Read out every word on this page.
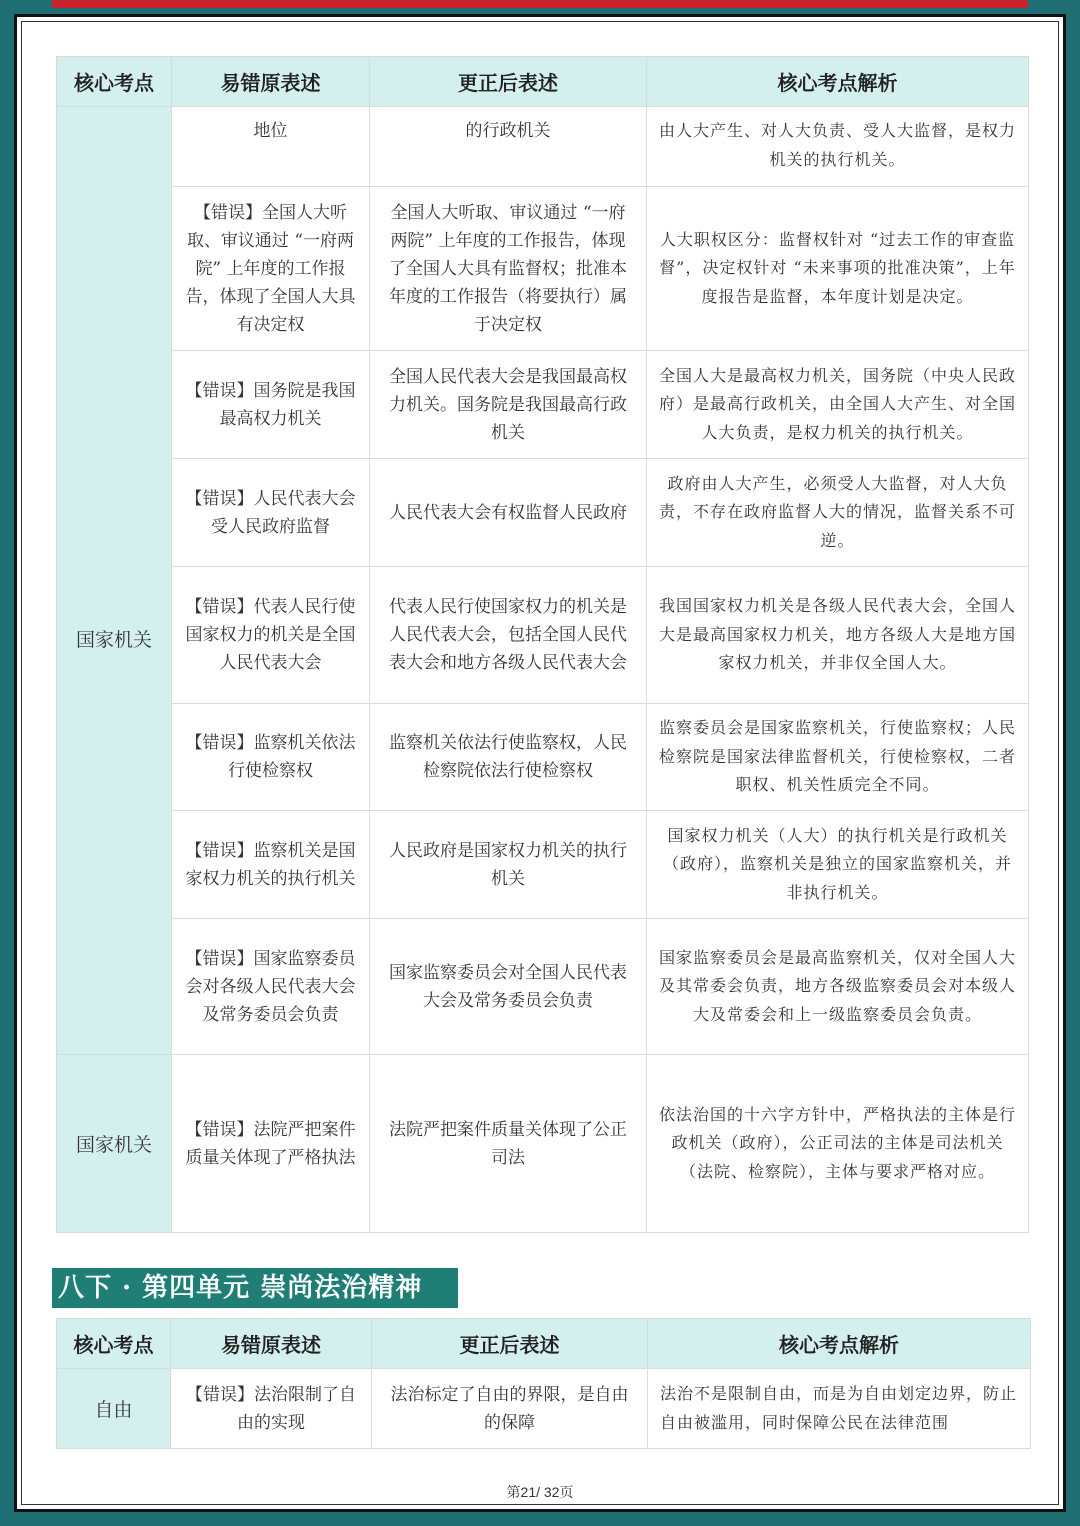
核心考点	易错原表述	更正后表述	核心考点解析
国家机关	地位	的行政机关	由人大产生、对人大负责、受人大监督，是权力机关的执行机关。
	【错误】全国人大听取、审议通过 “一府两院” 上年度的工作报告，体现了全国人大具有决定权	全国人大听取、审议通过 “一府两院” 上年度的工作报告，体现了全国人大具有监督权；批准本年度的工作报告（将要执行）属于决定权	人大职权区分：监督权针对 “过去工作的审查监督”，决定权针对 “未来事项的批准决策”，上年度报告是监督，本年度计划是决定。
	【错误】国务院是我国最高权力机关	全国人民代表大会是我国最高权力机关。国务院是我国最高行政机关	全国人大是最高权力机关，国务院（中央人民政府）是最高行政机关，由全国人大产生、对全国人大负责，是权力机关的执行机关。
	【错误】人民代表大会受人民政府监督	人民代表大会有权监督人民政府	政府由人大产生，必须受人大监督，对人大负责，不存在政府监督人大的情况，监督关系不可逆。
	【错误】代表人民行使国家权力的机关是全国人民代表大会	代表人民行使国家权力的机关是人民代表大会，包括全国人民代表大会和地方各级人民代表大会	我国国家权力机关是各级人民代表大会，全国人大是最高国家权力机关，地方各级人大是地方国家权力机关，并非仅全国人大。
	【错误】监察机关依法行使检察权	监察机关依法行使监察权，人民检察院依法行使检察权	监察委员会是国家监察机关，行使监察权；人民检察院是国家法律监督机关，行使检察权，二者职权、机关性质完全不同。
	【错误】监察机关是国家权力机关的执行机关	人民政府是国家权力机关的执行机关	国家权力机关（人大）的执行机关是行政机关（政府），监察机关是独立的国家监察机关，并非执行机关。
	【错误】国家监察委员会对各级人民代表大会及常务委员会负责	国家监察委员会对全国人民代表大会及常务委员会负责	国家监察委员会是最高监察机关，仅对全国人大及其常委会负责，地方各级监察委员会对本级人大及常委会和上一级监察委员会负责。
国家机关	【错误】法院严把案件质量关体现了严格执法	法院严把案件质量关体现了公正司法	依法治国的十六字方针中，严格执法的主体是行政机关（政府），公正司法的主体是司法机关（法院、检察院），主体与要求严格对应。
八下 · 第四单元 崇尚法治精神
核心考点	易错原表述	更正后表述	核心考点解析
自由	【错误】法治限制了自由的实现	法治标定了自由的界限，是自由的保障	法治不是限制自由，而是为自由划定边界，防止自由被滥用，同时保障公民在法律范围
第21/ 32页
